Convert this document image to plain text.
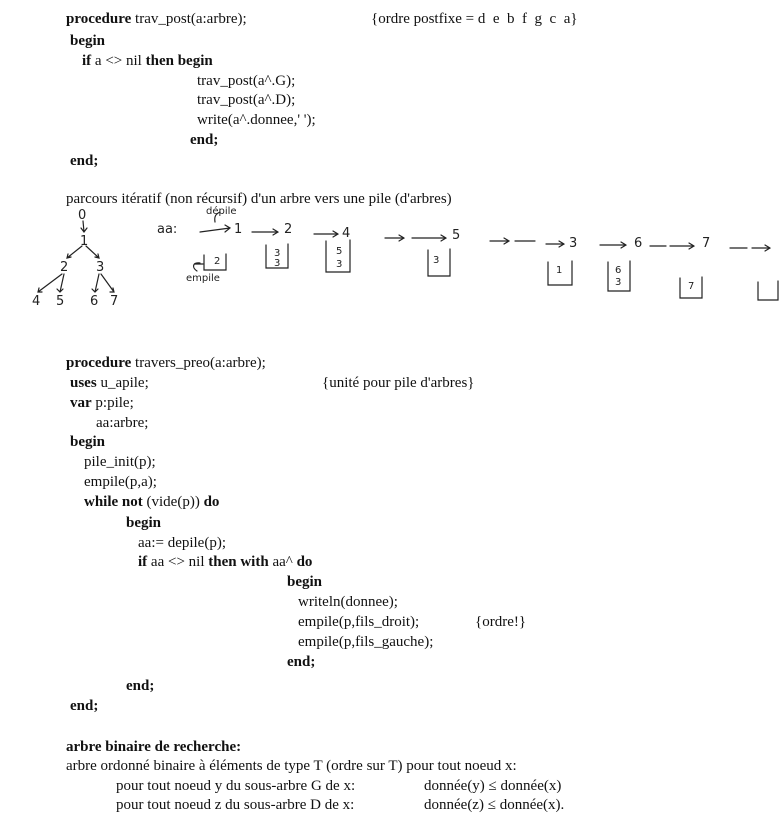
procedure trav_post(a:arbre);	{ordre postfixe = d  e  b  f  g  c  a}
begin
if a <> nil then begin
trav_post(a^.G);
trav_post(a^.D);
write(a^.donnee,' ');
end;
end;
parcours itératif (non récursif) d'un arbre vers une pile (d'arbres)
0
1
2 3
4 5 6 7
aa:
dépile
empile
1	2	4	5
3	6	7
2
3
3
5
3	3
1	6
3	7
procedure travers_preo(a:arbre);
uses u_apile;	{unité pour pile d'arbres}
var p:pile;
aa:arbre;
begin
pile_init(p);
empile(p,a);
while not (vide(p)) do
begin
aa:= depile(p);
if aa <> nil then with aa^ do
begin
writeln(donnee);
empile(p,fils_droit);	{ordre!}
empile(p,fils_gauche);
end;
end;
end;
arbre binaire de recherche:
arbre ordonné binaire à éléments de type T (ordre sur T) pour tout noeud x:
pour tout noeud y du sous-arbre G de x:	donnée(y) ≤ donnée(x)
pour tout noeud z du sous-arbre D de x:	donnée(z) ≤ donnée(x).
